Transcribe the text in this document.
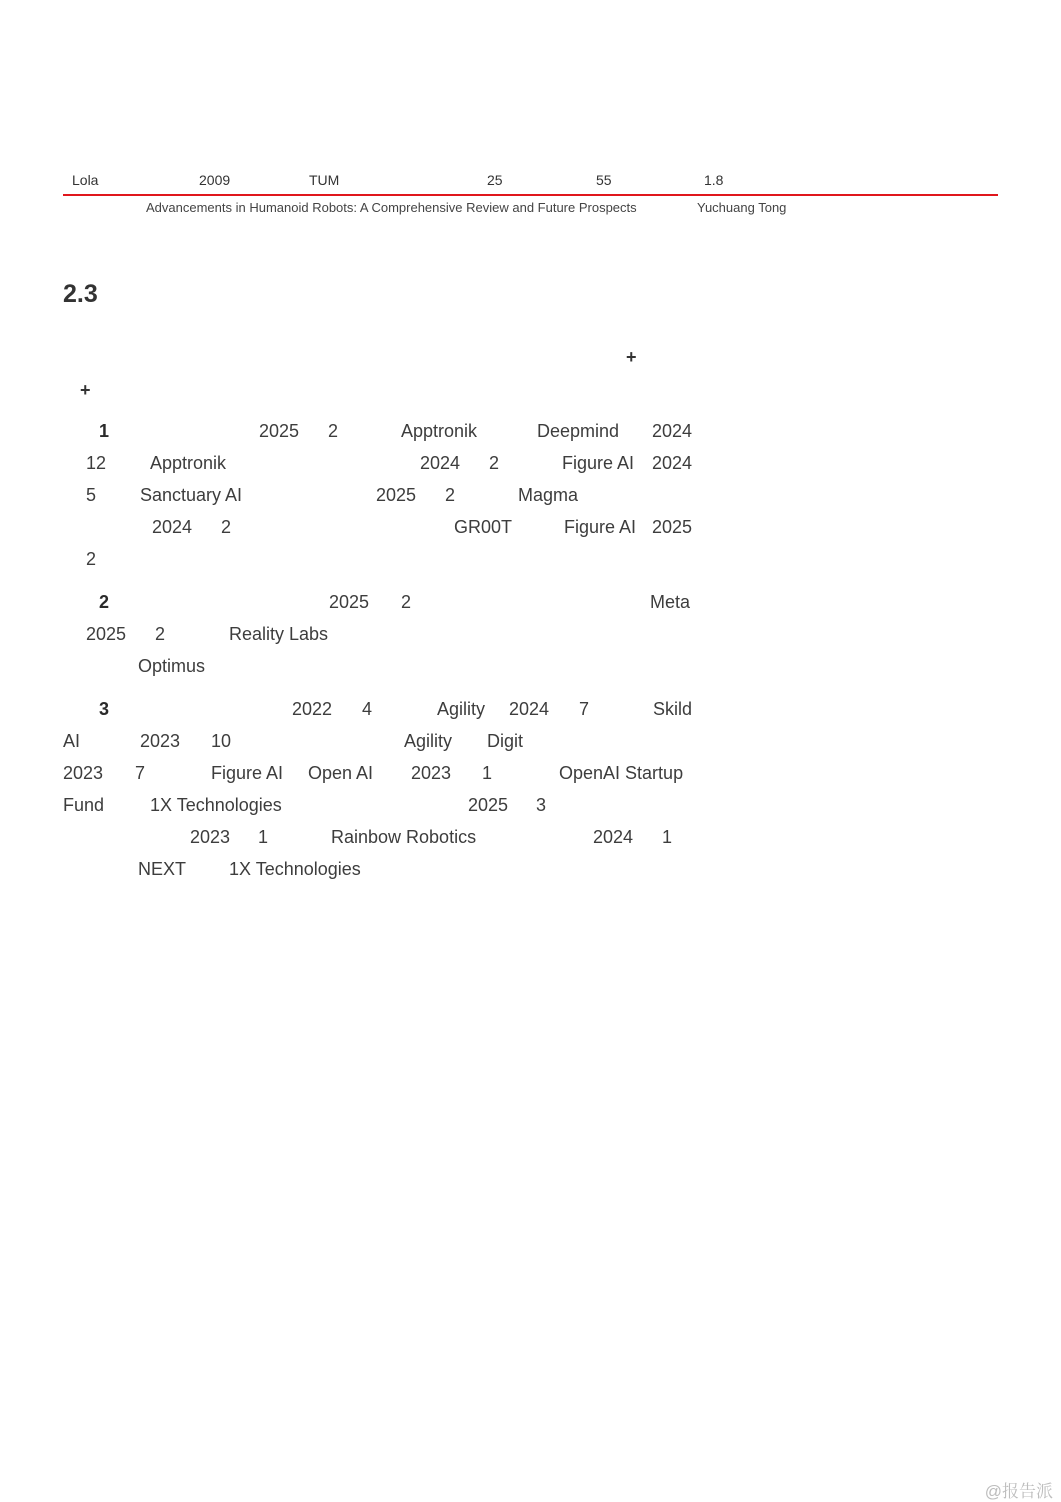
Lola	2009	TUM	25	55	1.8
Advancements in Humanoid Robots: A Comprehensive Review and Future Prospects	Yuchuang Tong
2.3
+
+
1	2025 2	Apptronik	Deepmind 2024
12 Apptronik	2024 2	Figure AI 2024
5 Sanctuary AI	2025 2	Magma
2024 2	GR00T	Figure AI 2025
2
2	2025 2	Meta
2025 2	Reality Labs
Optimus
3	2022 4	Agility 2024 7	Skild
AI	2023 10	Agility Digit
2023 7	Figure AI Open AI 2023 1	OpenAI Startup
Fund	1X Technologies	2025 3
2023 1	Rainbow Robotics	2024 1
NEXT 1X Technologies
@报告派
